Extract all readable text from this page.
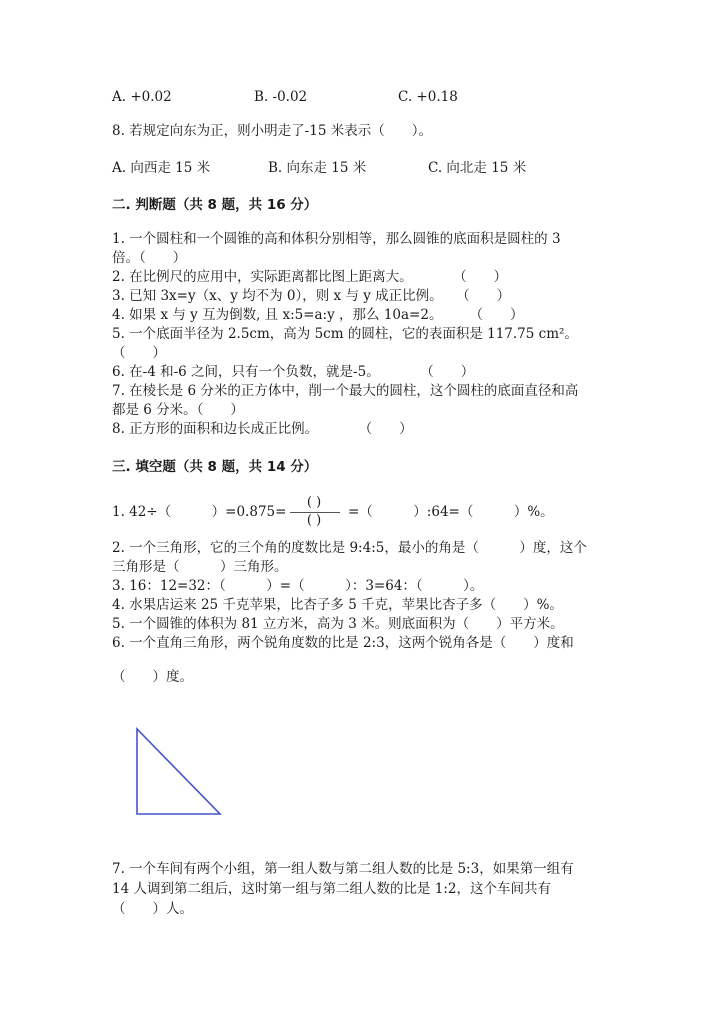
A. +0.02	B. -0.02	C. +0.18
8. 若规定向东为正，则小明走了-15 米表示（　　）。
A. 向西走 15 米	B. 向东走 15 米	C. 向北走 15 米
二. 判断题（共 8 题，共 16 分）
1. 一个圆柱和一个圆锥的高和体积分别相等，那么圆锥的底面积是圆柱的 3
倍。（　　）
2. 在比例尺的应用中，实际距离都比图上距离大。　　　　（　　）
3. 已知 3x=y（x、y 均不为 0），则 x 与 y 成正比例。　　（　　）
4. 如果 x 与 y 互为倒数, 且 x:5=a:y ，那么 10a=2。　　　（　　）
5. 一个底面半径为 2.5cm，高为 5cm 的圆柱，它的表面积是 117.75 cm²。
（　　）
6. 在-4 和-6 之间，只有一个负数，就是-5。　　　　（　　）
7. 在棱长是 6 分米的正方体中，削一个最大的圆柱，这个圆柱的底面直径和高
都是 6 分米。（　　）
8. 正方形的面积和边长成正比例。　　　　（　　）
三. 填空题（共 8 题，共 14 分）
1. 42÷（　　　）=0.875=
( )
( )
=（　　　）:64=（　　　）%。
2. 一个三角形，它的三个角的度数比是 9:4:5，最小的角是（　　　）度，这个
三角形是（　　　）三角形。
3. 16：12=32：（　　　）=（　　　）：3=64：（　　　）。
4. 水果店运来 25 千克苹果，比杏子多 5 千克，苹果比杏子多（　　）%。
5. 一个圆锥的体积为 81 立方米，高为 3 米。则底面积为（　　）平方米。
6. 一个直角三角形，两个锐角度数的比是 2:3，这两个锐角各是（　　）度和
（　　）度。
7. 一个车间有两个小组，第一组人数与第二组人数的比是 5:3，如果第一组有
14 人调到第二组后，这时第一组与第二组人数的比是 1:2，这个车间共有
（　　）人。
